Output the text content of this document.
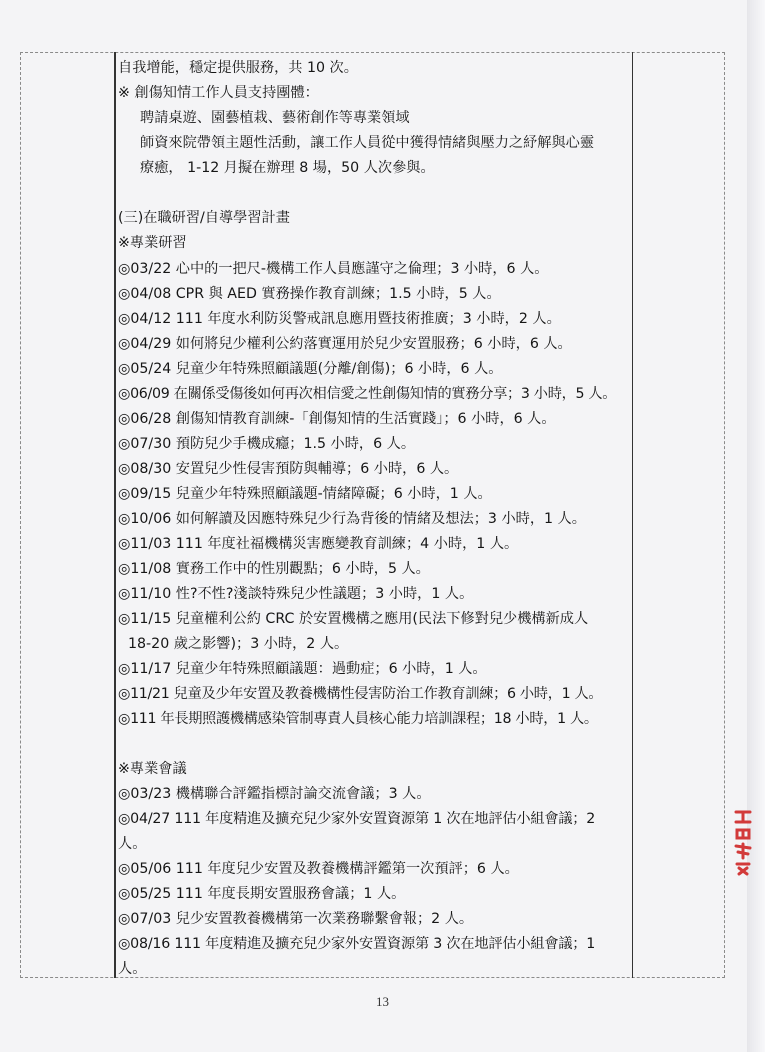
自我增能，穩定提供服務，共 10 次。
※ 創傷知情工作人員支持團體：
聘請桌遊、園藝植栽、藝術創作等專業領域
師資來院帶領主題性活動，讓工作人員從中獲得情緒與壓力之紓解與心靈
療癒， 1-12 月擬在辦理 8 場，50 人次參與。
(三)在職研習/自導學習計畫
※專業研習
◎03/22 心中的一把尺-機構工作人員應謹守之倫理；3 小時，6 人。
◎04/08 CPR 與 AED 實務操作教育訓練；1.5 小時，5 人。
◎04/12 111 年度水利防災警戒訊息應用暨技術推廣；3 小時，2 人。
◎04/29 如何將兒少權利公約落實運用於兒少安置服務；6 小時，6 人。
◎05/24 兒童少年特殊照顧議題(分離/創傷)；6 小時，6 人。
◎06/09 在關係受傷後如何再次相信愛之性創傷知情的實務分享；3 小時，5 人。
◎06/28 創傷知情教育訓練-「創傷知情的生活實踐」；6 小時，6 人。
◎07/30 預防兒少手機成癮；1.5 小時，6 人。
◎08/30 安置兒少性侵害預防與輔導；6 小時，6 人。
◎09/15 兒童少年特殊照顧議題-情緒障礙；6 小時，1 人。
◎10/06 如何解讀及因應特殊兒少行為背後的情緒及想法；3 小時，1 人。
◎11/03 111 年度社福機構災害應變教育訓練；4 小時，1 人。
◎11/08 實務工作中的性別觀點；6 小時，5 人。
◎11/10 性?不性?淺談特殊兒少性議題；3 小時，1 人。
◎11/15 兒童權利公約 CRC 於安置機構之應用(民法下修對兒少機構新成人
18-20 歲之影響)；3 小時，2 人。
◎11/17 兒童少年特殊照顧議題：過動症；6 小時，1 人。
◎11/21 兒童及少年安置及教養機構性侵害防治工作教育訓練；6 小時，1 人。
◎111 年長期照護機構感染管制專責人員核心能力培訓課程；18 小時，1 人。
※專業會議
◎03/23 機構聯合評鑑指標討論交流會議；3 人。
◎04/27 111 年度精進及擴充兒少家外安置資源第 1 次在地評估小組會議；2
人。
◎05/06 111 年度兒少安置及教養機構評鑑第一次預評；6 人。
◎05/25 111 年度長期安置服務會議；1 人。
◎07/03 兒少安置教養機構第一次業務聯繫會報；2 人。
◎08/16 111 年度精進及擴充兒少家外安置資源第 3 次在地評估小組會議；1
人。
13
